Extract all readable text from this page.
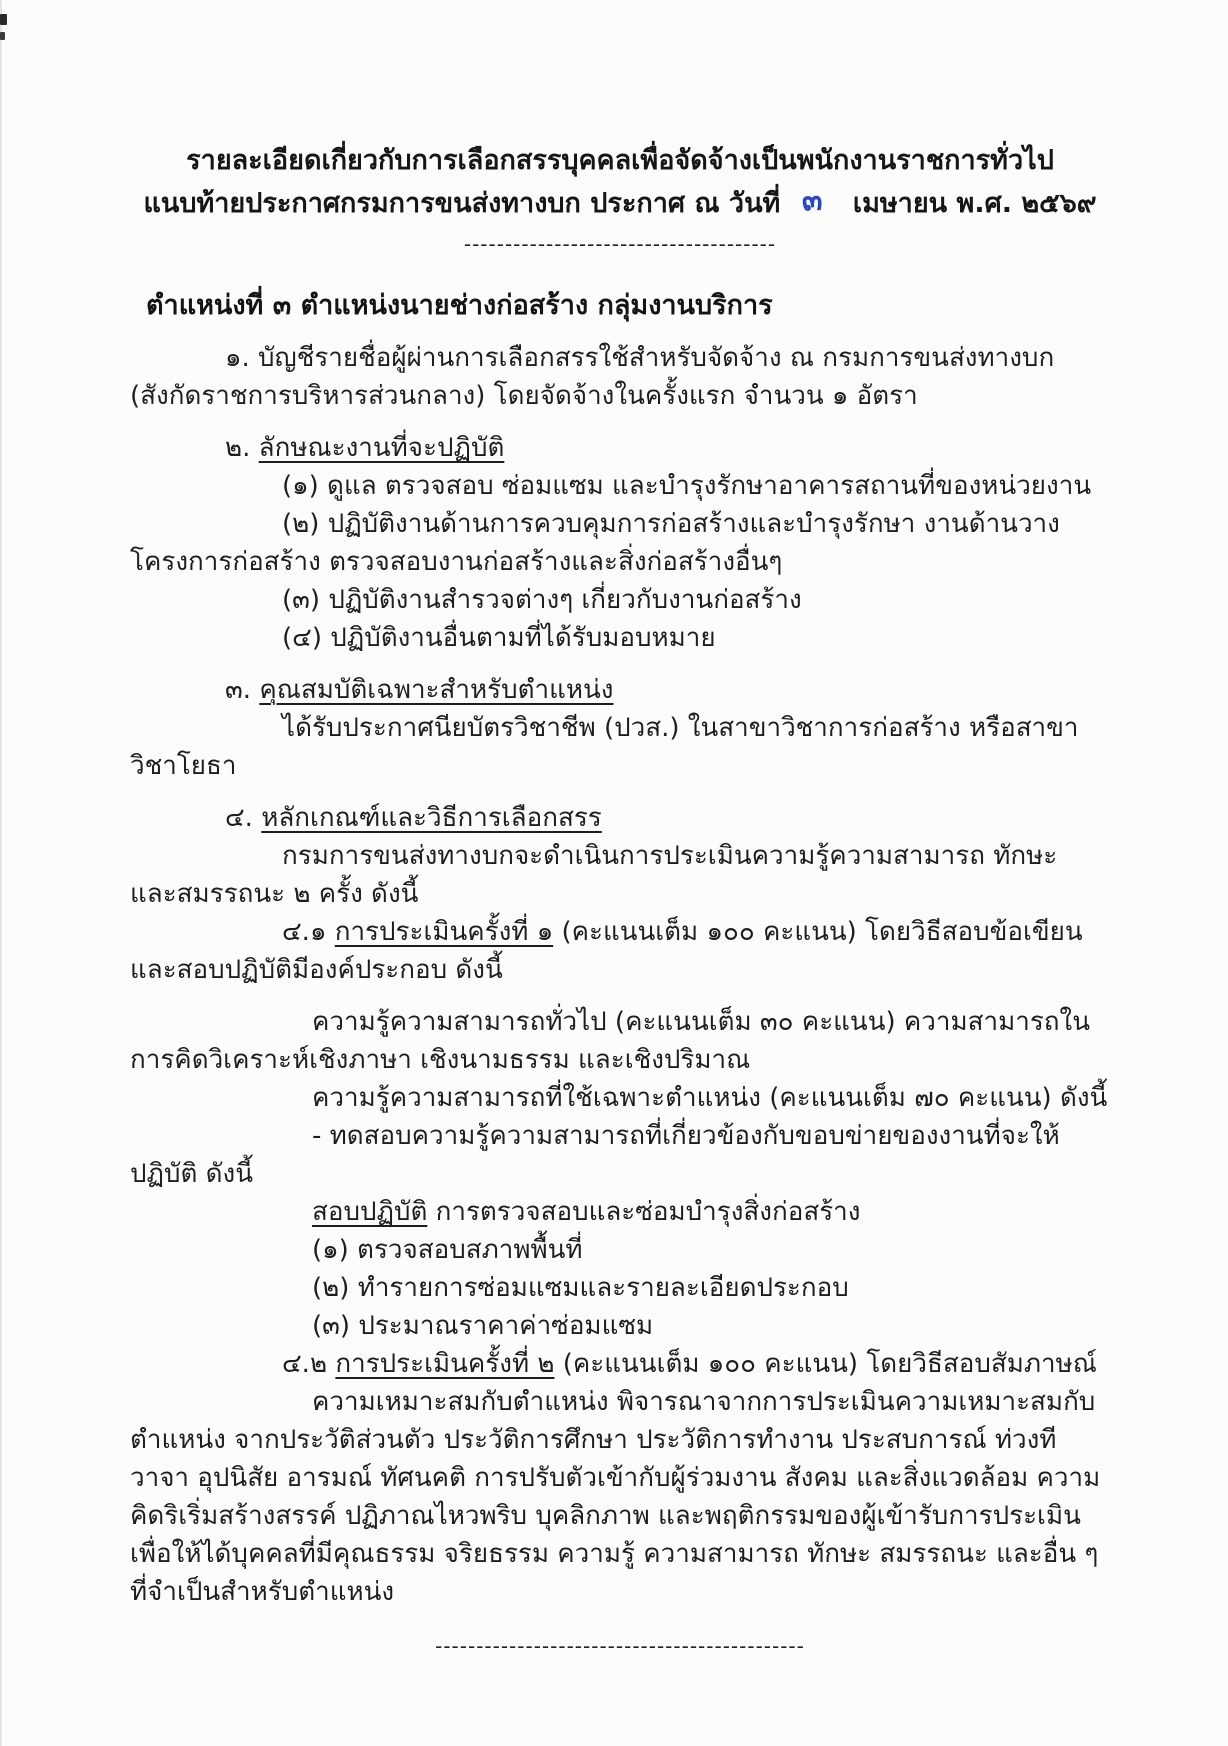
รายละเอียดเกี่ยวกับการเลือกสรรบุคคลเพื่อจัดจ้างเป็นพนักงานราชการทั่วไป
แนบท้ายประกาศกรมการขนส่งทางบก ประกาศ ณ วันที่ ๓ เมษายน พ.ศ. ๒๕๖๙
--------------------------------------
ตำแหน่งที่ ๓ ตำแหน่งนายช่างก่อสร้าง กลุ่มงานบริการ
๑. บัญชีรายชื่อผู้ผ่านการเลือกสรรใช้สำหรับจัดจ้าง ณ กรมการขนส่งทางบก (สังกัดราชการบริหาร​ส่วนกลาง) โดยจัดจ้างในครั้งแรก จำนวน ๑ อัตรา
๒. ลักษณะงานที่จะปฏิบัติ
(๑) ดูแล ตรวจสอบ ซ่อมแซม และบำรุงรักษาอาคารสถานที่ของหน่วยงาน
(๒) ปฏิบัติงานด้านการควบคุมการก่อสร้างและบำรุงรักษา งานด้านวางโครงการก่อสร้าง ตรวจสอบ​งานก่อสร้างและสิ่งก่อสร้างอื่นๆ
(๓) ปฏิบัติงานสำรวจต่างๆ เกี่ยวกับงานก่อสร้าง
(๔) ปฏิบัติงานอื่นตามที่ได้รับมอบหมาย
๓. คุณสมบัติเฉพาะสำหรับตำแหน่ง
ได้รับประกาศนียบัตรวิชาชีพ (ปวส.) ในสาขาวิชาการก่อสร้าง หรือสาขาวิชาโยธา
๔. หลักเกณฑ์และวิธีการเลือกสรร
กรมการขนส่งทางบกจะดำเนินการประเมินความรู้ความสามารถ ทักษะ และสมรรถนะ ๒ ครั้ง ดังนี้
๔.๑ การประเมินครั้งที่ ๑ (คะแนนเต็ม ๑๐๐ คะแนน) โดยวิธีสอบข้อเขียน และสอบปฏิบัติ​มีองค์ประกอบ ดังนี้
ความรู้ความสามารถทั่วไป (คะแนนเต็ม ๓๐ คะแนน) ความสามารถในการคิดวิเคราะห์​เชิงภาษา เชิงนามธรรม และเชิงปริมาณ
ความรู้ความสามารถที่ใช้เฉพาะตำแหน่ง (คะแนนเต็ม ๗๐ คะแนน) ดังนี้
- ทดสอบความรู้ความสามารถที่เกี่ยวข้องกับขอบข่ายของงานที่จะให้ปฏิบัติ ดังนี้
สอบปฏิบัติ การตรวจสอบและซ่อมบำรุงสิ่งก่อสร้าง
(๑) ตรวจสอบสภาพพื้นที่
(๒) ทำรายการซ่อมแซมและรายละเอียดประกอบ
(๓) ประมาณราคาค่าซ่อมแซม
๔.๒ การประเมินครั้งที่ ๒ (คะแนนเต็ม ๑๐๐ คะแนน) โดยวิธีสอบสัมภาษณ์
ความเหมาะสมกับตำแหน่ง พิจารณาจากการประเมินความเหมาะสมกับตำแหน่ง จากประวัติส่วนตัว ประวัติการศึกษา ประวัติการทำงาน ประสบการณ์ ท่วงทีวาจา อุปนิสัย อารมณ์ ทัศนคติ การปรับตัวเข้ากับผู้ร่วมงาน สังคม และสิ่งแวดล้อม ความคิดริเริ่มสร้างสรรค์ ปฏิภาณไหวพริบ บุคลิกภาพ และพฤติกรรมของผู้เข้ารับการประเมิน เพื่อให้ได้บุคคลที่มีคุณธรรม จริยธรรม ความรู้ ความสามารถ ทักษะ สมรรถนะ และอื่น ๆ ที่จำเป็นสำหรับตำแหน่ง
---------------------------------------------
